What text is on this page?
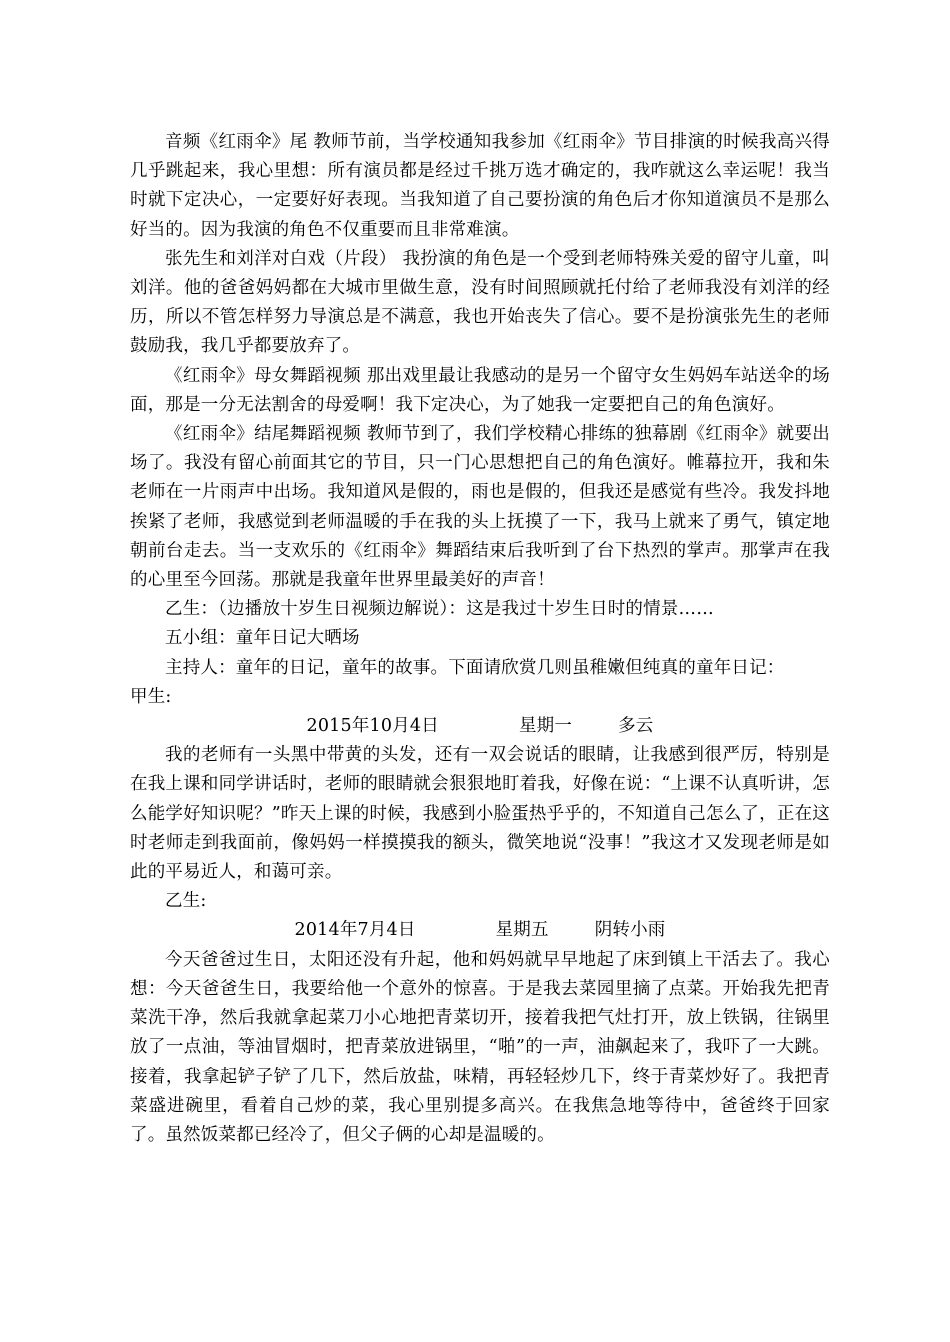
音频《红雨伞》尾 教师节前，当学校通知我参加《红雨伞》节目排演的时候我高兴得几乎跳起来，我心里想：所有演员都是经过千挑万选才确定的，我咋就这么幸运呢！我当时就下定决心，一定要好好表现。当我知道了自己要扮演的角色后才你知道演员不是那么好当的。因为我演的角色不仅重要而且非常难演。

张先生和刘洋对白戏（片段） 我扮演的角色是一个受到老师特殊关爱的留守儿童，叫刘洋。他的爸爸妈妈都在大城市里做生意，没有时间照顾就托付给了老师我没有刘洋的经历，所以不管怎样努力导演总是不满意，我也开始丧失了信心。要不是扮演张先生的老师鼓励我，我几乎都要放弃了。

《红雨伞》母女舞蹈视频 那出戏里最让我感动的是另一个留守女生妈妈车站送伞的场面，那是一分无法割舍的母爱啊！我下定决心，为了她我一定要把自己的角色演好。

《红雨伞》结尾舞蹈视频 教师节到了，我们学校精心排练的独幕剧《红雨伞》就要出场了。我没有留心前面其它的节目，只一门心思想把自己的角色演好。帷幕拉开，我和朱老师在一片雨声中出场。我知道风是假的，雨也是假的，但我还是感觉有些冷。我发抖地挨紧了老师，我感觉到老师温暖的手在我的头上抚摸了一下，我马上就来了勇气，镇定地朝前台走去。当一支欢乐的《红雨伞》舞蹈结束后我听到了台下热烈的掌声。那掌声在我的心里至今回荡。那就是我童年世界里最美好的声音！

乙生：（边播放十岁生日视频边解说）：这是我过十岁生日时的情景……

五小组：童年日记大晒场

主持人：童年的日记，童年的故事。下面请欣赏几则虽稚嫩但纯真的童年日记：

甲生:

2015年10月4日	星期一	多云

我的老师有一头黑中带黄的头发，还有一双会说话的眼睛，让我感到很严厉，特别是在我上课和同学讲话时，老师的眼睛就会狠狠地盯着我，好像在说：“上课不认真听讲，怎么能学好知识呢？”昨天上课的时候，我感到小脸蛋热乎乎的，不知道自己怎么了，正在这时老师走到我面前，像妈妈一样摸摸我的额头，微笑地说“没事！”我这才又发现老师是如此的平易近人，和蔼可亲。

乙生:

2014年7月4日	星期五	阴转小雨

今天爸爸过生日，太阳还没有升起，他和妈妈就早早地起了床到镇上干活去了。我心想：今天爸爸生日，我要给他一个意外的惊喜。于是我去菜园里摘了点菜。开始我先把青菜洗干净，然后我就拿起菜刀小心地把青菜切开，接着我把气灶打开，放上铁锅，往锅里放了一点油，等油冒烟时，把青菜放进锅里，“啪”的一声，油飙起来了，我吓了一大跳。接着，我拿起铲子铲了几下，然后放盐，味精，再轻轻炒几下，终于青菜炒好了。我把青菜盛进碗里，看着自己炒的菜，我心里别提多高兴。在我焦急地等待中，爸爸终于回家了。虽然饭菜都已经冷了，但父子俩的心却是温暖的。
